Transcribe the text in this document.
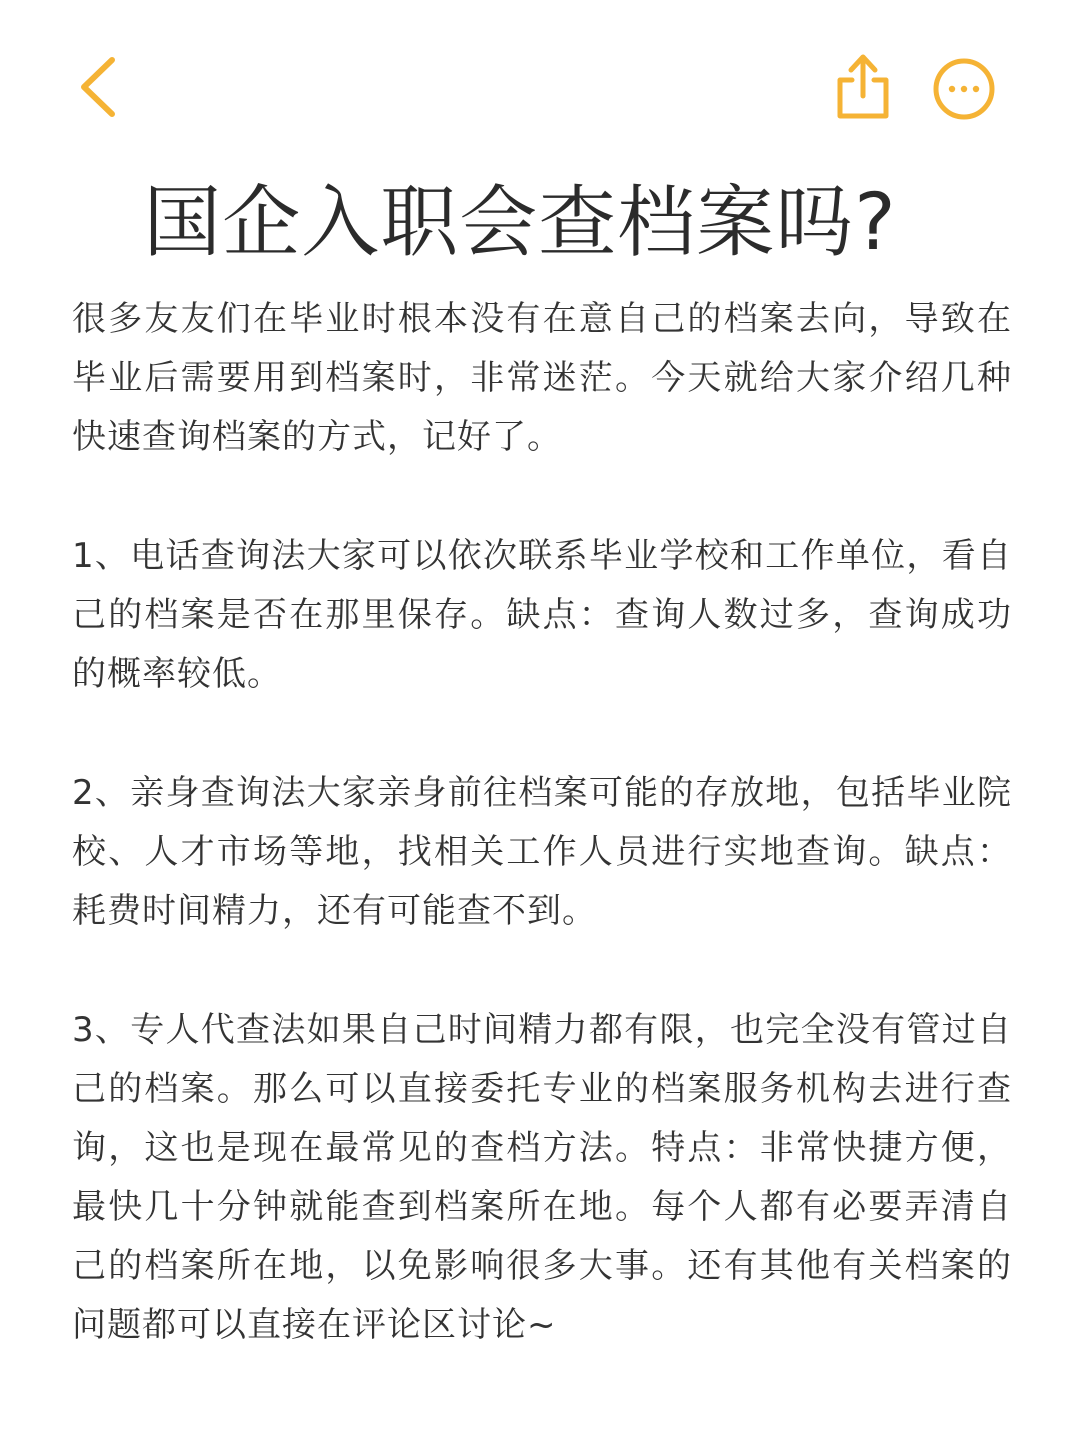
国企入职会查档案吗?

很多友友们在毕业时根本没有在意自己的档案去向，导致在毕业后需要用到档案时，非常迷茫。今天就给大家介绍几种快速查询档案的方式，记好了。

1、电话查询法大家可以依次联系毕业学校和工作单位，看自己的档案是否在那里保存。缺点：查询人数过多，查询成功的概率较低。

2、亲身查询法大家亲身前往档案可能的存放地，包括毕业院校、人才市场等地，找相关工作人员进行实地查询。缺点：耗费时间精力，还有可能查不到。

3、专人代查法如果自己时间精力都有限，也完全没有管过自己的档案。那么可以直接委托专业的档案服务机构去进行查询，这也是现在最常见的查档方法。特点：非常快捷方便，最快几十分钟就能查到档案所在地。每个人都有必要弄清自己的档案所在地，以免影响很多大事。还有其他有关档案的问题都可以直接在评论区讨论~
